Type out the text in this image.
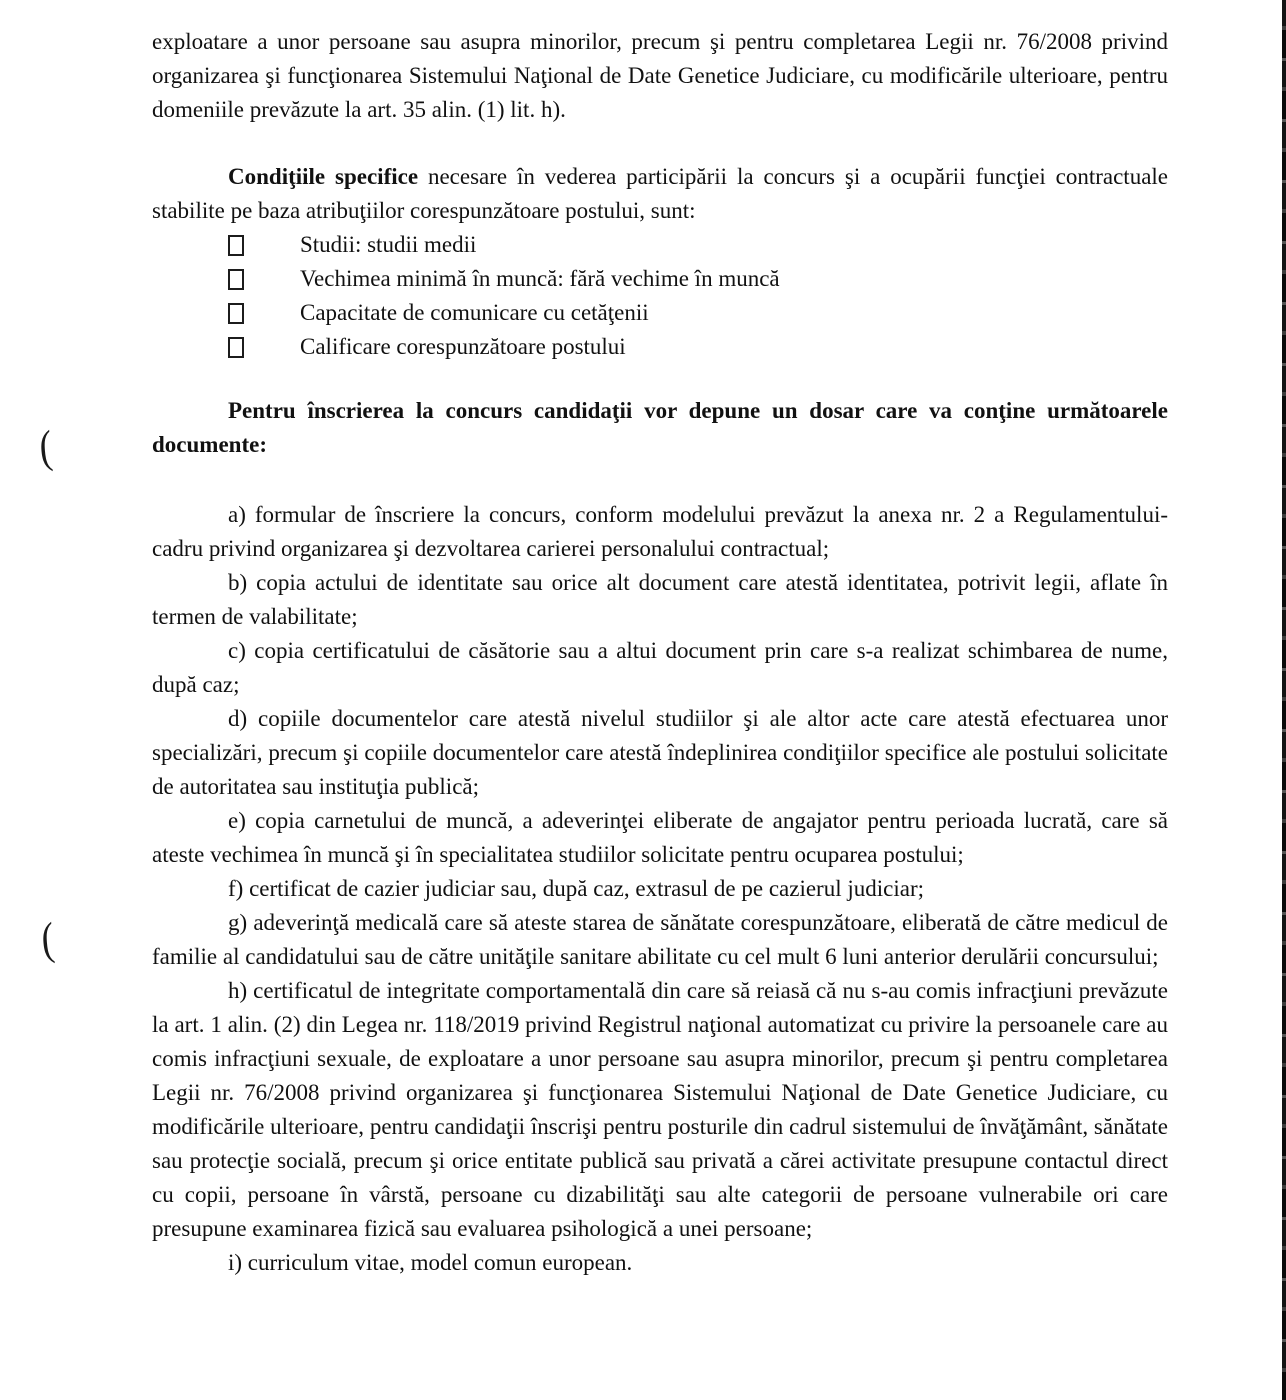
(
(

exploatare a unor persoane sau asupra minorilor, precum şi pentru completarea Legii nr. 76/2008 privind organizarea şi funcţionarea Sistemului Naţional de Date Genetice Judiciare, cu modificările ulterioare, pentru domeniile prevăzute la art. 35 alin. (1) lit. h).

Condiţiile specifice necesare în vederea participării la concurs şi a ocupării funcţiei contractuale stabilite pe baza atribuţiilor corespunzătoare postului, sunt:

Studii: studii medii
Vechimea minimă în muncă: fără vechime în muncă
Capacitate de comunicare cu cetăţenii
Calificare corespunzătoare postului

Pentru înscrierea la concurs candidaţii vor depune un dosar care va conţine următoarele documente:

a) formular de înscriere la concurs, conform modelului prevăzut la anexa nr. 2 a Regulamentului-cadru privind organizarea şi dezvoltarea carierei personalului contractual;

b) copia actului de identitate sau orice alt document care atestă identitatea, potrivit legii, aflate în termen de valabilitate;

c) copia certificatului de căsătorie sau a altui document prin care s-a realizat schimbarea de nume, după caz;

d) copiile documentelor care atestă nivelul studiilor şi ale altor acte care atestă efectuarea unor specializări, precum şi copiile documentelor care atestă îndeplinirea condiţiilor specifice ale postului solicitate de autoritatea sau instituţia publică;

e) copia carnetului de muncă, a adeverinţei eliberate de angajator pentru perioada lucrată, care să ateste vechimea în muncă şi în specialitatea studiilor solicitate pentru ocuparea postului;

f) certificat de cazier judiciar sau, după caz, extrasul de pe cazierul judiciar;

g) adeverinţă medicală care să ateste starea de sănătate corespunzătoare, eliberată de către medicul de familie al candidatului sau de către unităţile sanitare abilitate cu cel mult 6 luni anterior derulării concursului;

h) certificatul de integritate comportamentală din care să reiasă că nu s-au comis infracţiuni prevăzute la art. 1 alin. (2) din Legea nr. 118/2019 privind Registrul naţional automatizat cu privire la persoanele care au comis infracţiuni sexuale, de exploatare a unor persoane sau asupra minorilor, precum şi pentru completarea Legii nr. 76/2008 privind organizarea şi funcţionarea Sistemului Naţional de Date Genetice Judiciare, cu modificările ulterioare, pentru candidaţii înscrişi pentru posturile din cadrul sistemului de învăţământ, sănătate sau protecţie socială, precum şi orice entitate publică sau privată a cărei activitate presupune contactul direct cu copii, persoane în vârstă, persoane cu dizabilităţi sau alte categorii de persoane vulnerabile ori care presupune examinarea fizică sau evaluarea psihologică a unei persoane;

i) curriculum vitae, model comun european.
